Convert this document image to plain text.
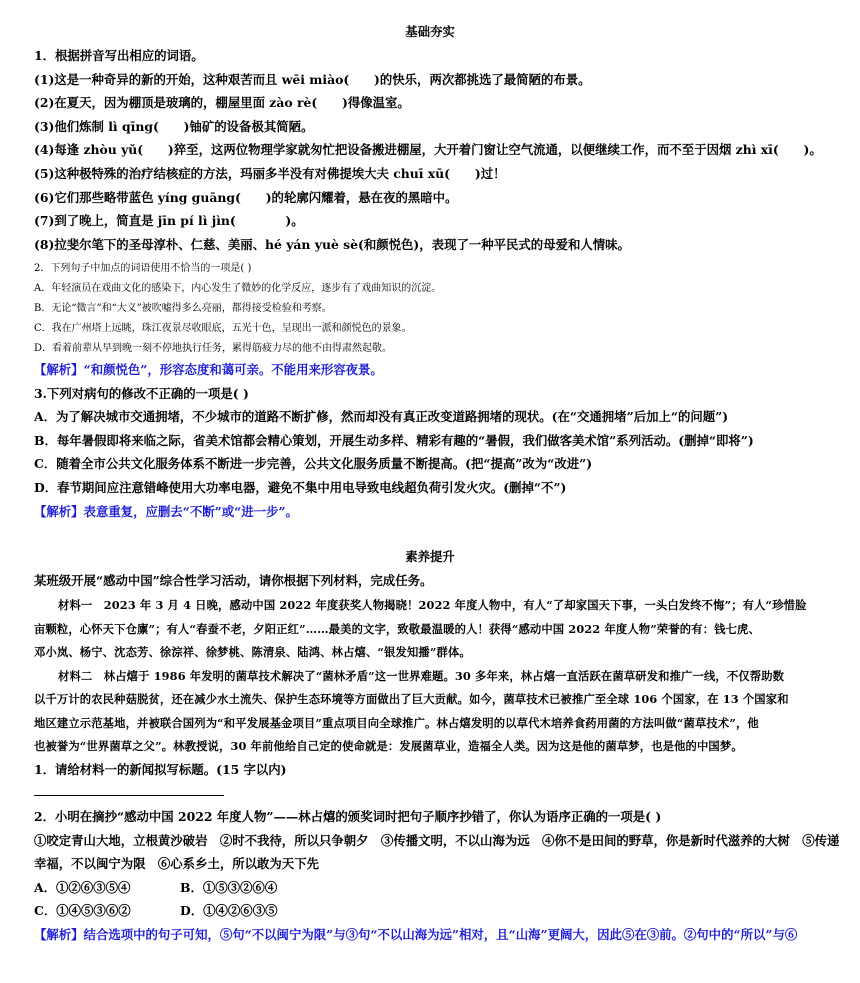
基础夯实
1．根据拼音写出相应的词语。
(1)这是一种奇异的新的开始，这种艰苦而且 wēi miào(　　)的快乐，两次都挑选了最简陋的布景。
(2)在夏天，因为棚顶是玻璃的，棚屋里面 zào rè(　　)得像温室。
(3)他们炼制 lì qīng(　　)铀矿的设备极其简陋。
(4)每逢 zhòu yǔ(　　)猝至，这两位物理学家就匆忙把设备搬进棚屋，大开着门窗让空气流通，以便继续工作，而不至于因烟 zhì xī(　　)。
(5)这种极特殊的治疗结核症的方法，玛丽多半没有对佛提埃大夫 chuī xū(　　)过！
(6)它们那些略带蓝色 yíng guāng(　　)的轮廓闪耀着，悬在夜的黑暗中。
(7)到了晚上，简直是 jīn pí lì jìn(　　　　)。
(8)拉斐尔笔下的圣母淳朴、仁慈、美丽、hé yán yuè sè(和颜悦色)，表现了一种平民式的母爱和人情味。
2．下列句子中加点的词语使用不恰当的一项是( )
A．年轻演员在戏曲文化的感染下，内心发生了微妙的化学反应，逐步有了戏曲知识的沉淀。
B．无论“微言”和“大义”被吹嘘得多么亮丽，都得接受检验和考察。
C．我在广州塔上远眺，珠江夜景尽收眼底，五光十色，呈现出一派和颜悦色的景象。
D．看着前辈从早到晚一刻不停地执行任务，累得筋疲力尽的他不由得肃然起敬。
【解析】“和颜悦色”，形容态度和蔼可亲。不能用来形容夜景。
3.下列对病句的修改不正确的一项是( )
A．为了解决城市交通拥堵，不少城市的道路不断扩修，然而却没有真正改变道路拥堵的现状。(在“交通拥堵”后加上“的问题”)
B．每年暑假即将来临之际，省美术馆都会精心策划，开展生动多样、精彩有趣的“暑假，我们做客美术馆”系列活动。(删掉“即将”)
C．随着全市公共文化服务体系不断进一步完善，公共文化服务质量不断提高。(把“提高”改为“改进”)
D．春节期间应注意错峰使用大功率电器，避免不集中用电导致电线超负荷引发火灾。(删掉“不”)
【解析】表意重复，应删去“不断”或“进一步”。
素养提升
某班级开展“感动中国”综合性学习活动，请你根据下列材料，完成任务。
材料一　2023 年 3 月 4 日晚，感动中国 2022 年度获奖人物揭晓！2022 年度人物中，有人“了却家国天下事，一头白发终不悔”；有人“珍惜脸
亩颗粒，心怀天下仓廪”；有人“春蚕不老，夕阳正红”……最美的文字，致敬最温暖的人！获得“感动中国 2022 年度人物”荣誉的有：钱七虎、
邓小岚、杨宁、沈态芳、徐淙祥、徐梦桃、陈清泉、陆鸿、林占熺、“银发知播”群体。
材料二　林占熺于 1986 年发明的菌草技术解决了“菌林矛盾”这一世界难题。30 多年来，林占熺一直活跃在菌草研发和推广一线，不仅帮助数
以千万计的农民种菇脱贫，还在减少水土流失、保护生态环境等方面做出了巨大贡献。如今，菌草技术已被推广至全球 106 个国家，在 13 个国家和
地区建立示范基地，并被联合国列为“和平发展基金项目”重点项目向全球推广。林占熺发明的以草代木培养食药用菌的方法叫做“菌草技术”，他
也被誉为“世界菌草之父”。林教授说，30 年前他给自己定的使命就是：发展菌草业，造福全人类。因为这是他的菌草梦，也是他的中国梦。
1．请给材料一的新闻拟写标题。(15 字以内)
2．小明在摘抄“感动中国 2022 年度人物”——林占熺的颁奖词时把句子顺序抄错了，你认为语序正确的一项是( )
①咬定青山大地，立根黄沙破岩　②时不我待，所以只争朝夕　③传播文明，不以山海为远　④你不是田间的野草，你是新时代滋养的大树　⑤传递
幸福，不以闽宁为限　⑥心系乡土，所以敢为天下先
A．①②⑥③⑤④	B．①⑤③②⑥④
C．①④⑤③⑥②	D．①④②⑥③⑤
【解析】结合选项中的句子可知，⑤句“不以闽宁为限”与③句“不以山海为远”相对，且“山海”更阔大，因此⑤在③前。②句中的“所以”与⑥
